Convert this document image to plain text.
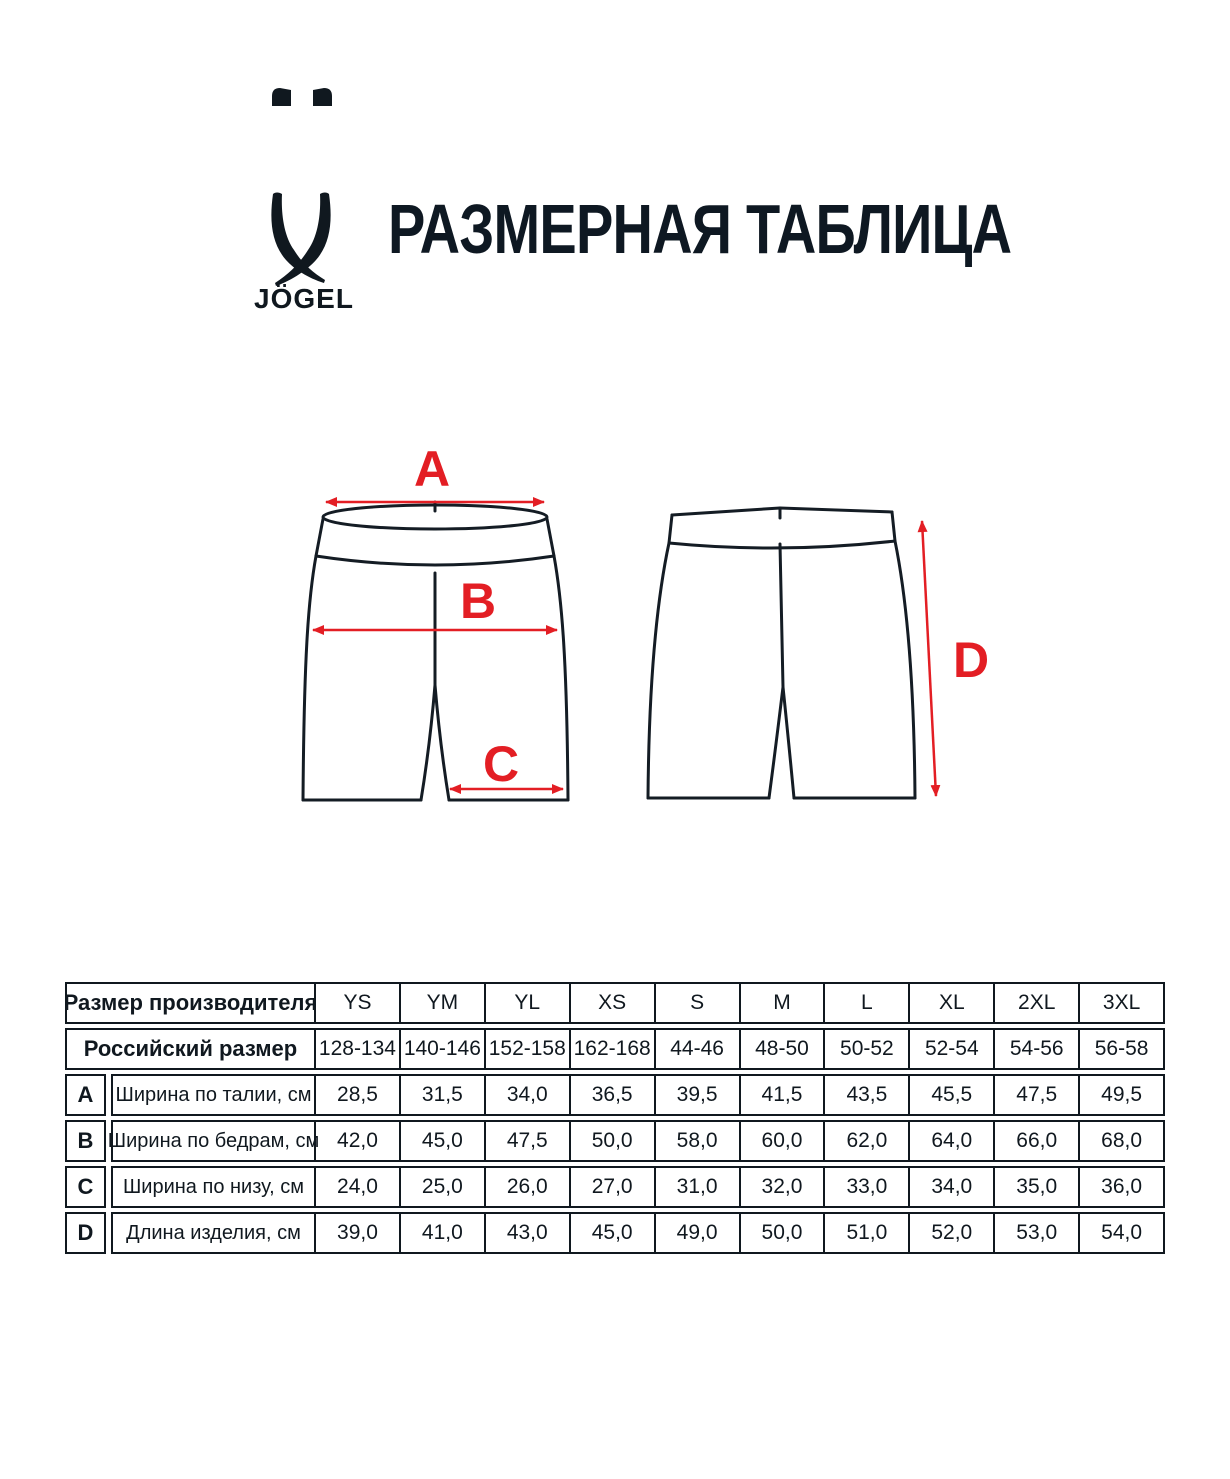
JÖGEL
РАЗМЕРНАЯ ТАБЛИЦА
A
B
C
D
Размер производителя	YS	YM	YL	XS	S	M	L	XL	2XL	3XL
Российский размер	128-134 140-146 152-158 162-168 44-46	48-50	50-52	52-54	54-56	56-58
A	Ширина по талии, см	28,5	31,5	34,0	36,5	39,5	41,5	43,5	45,5	47,5	49,5
B Ширина по бедрам, см 42,0	45,0	47,5	50,0	58,0	60,0	62,0	64,0	66,0	68,0
C	Ширина по низу, см	24,0	25,0	26,0	27,0	31,0	32,0	33,0	34,0	35,0	36,0
D	Длина изделия, см	39,0	41,0	43,0	45,0	49,0	50,0	51,0	52,0	53,0	54,0
